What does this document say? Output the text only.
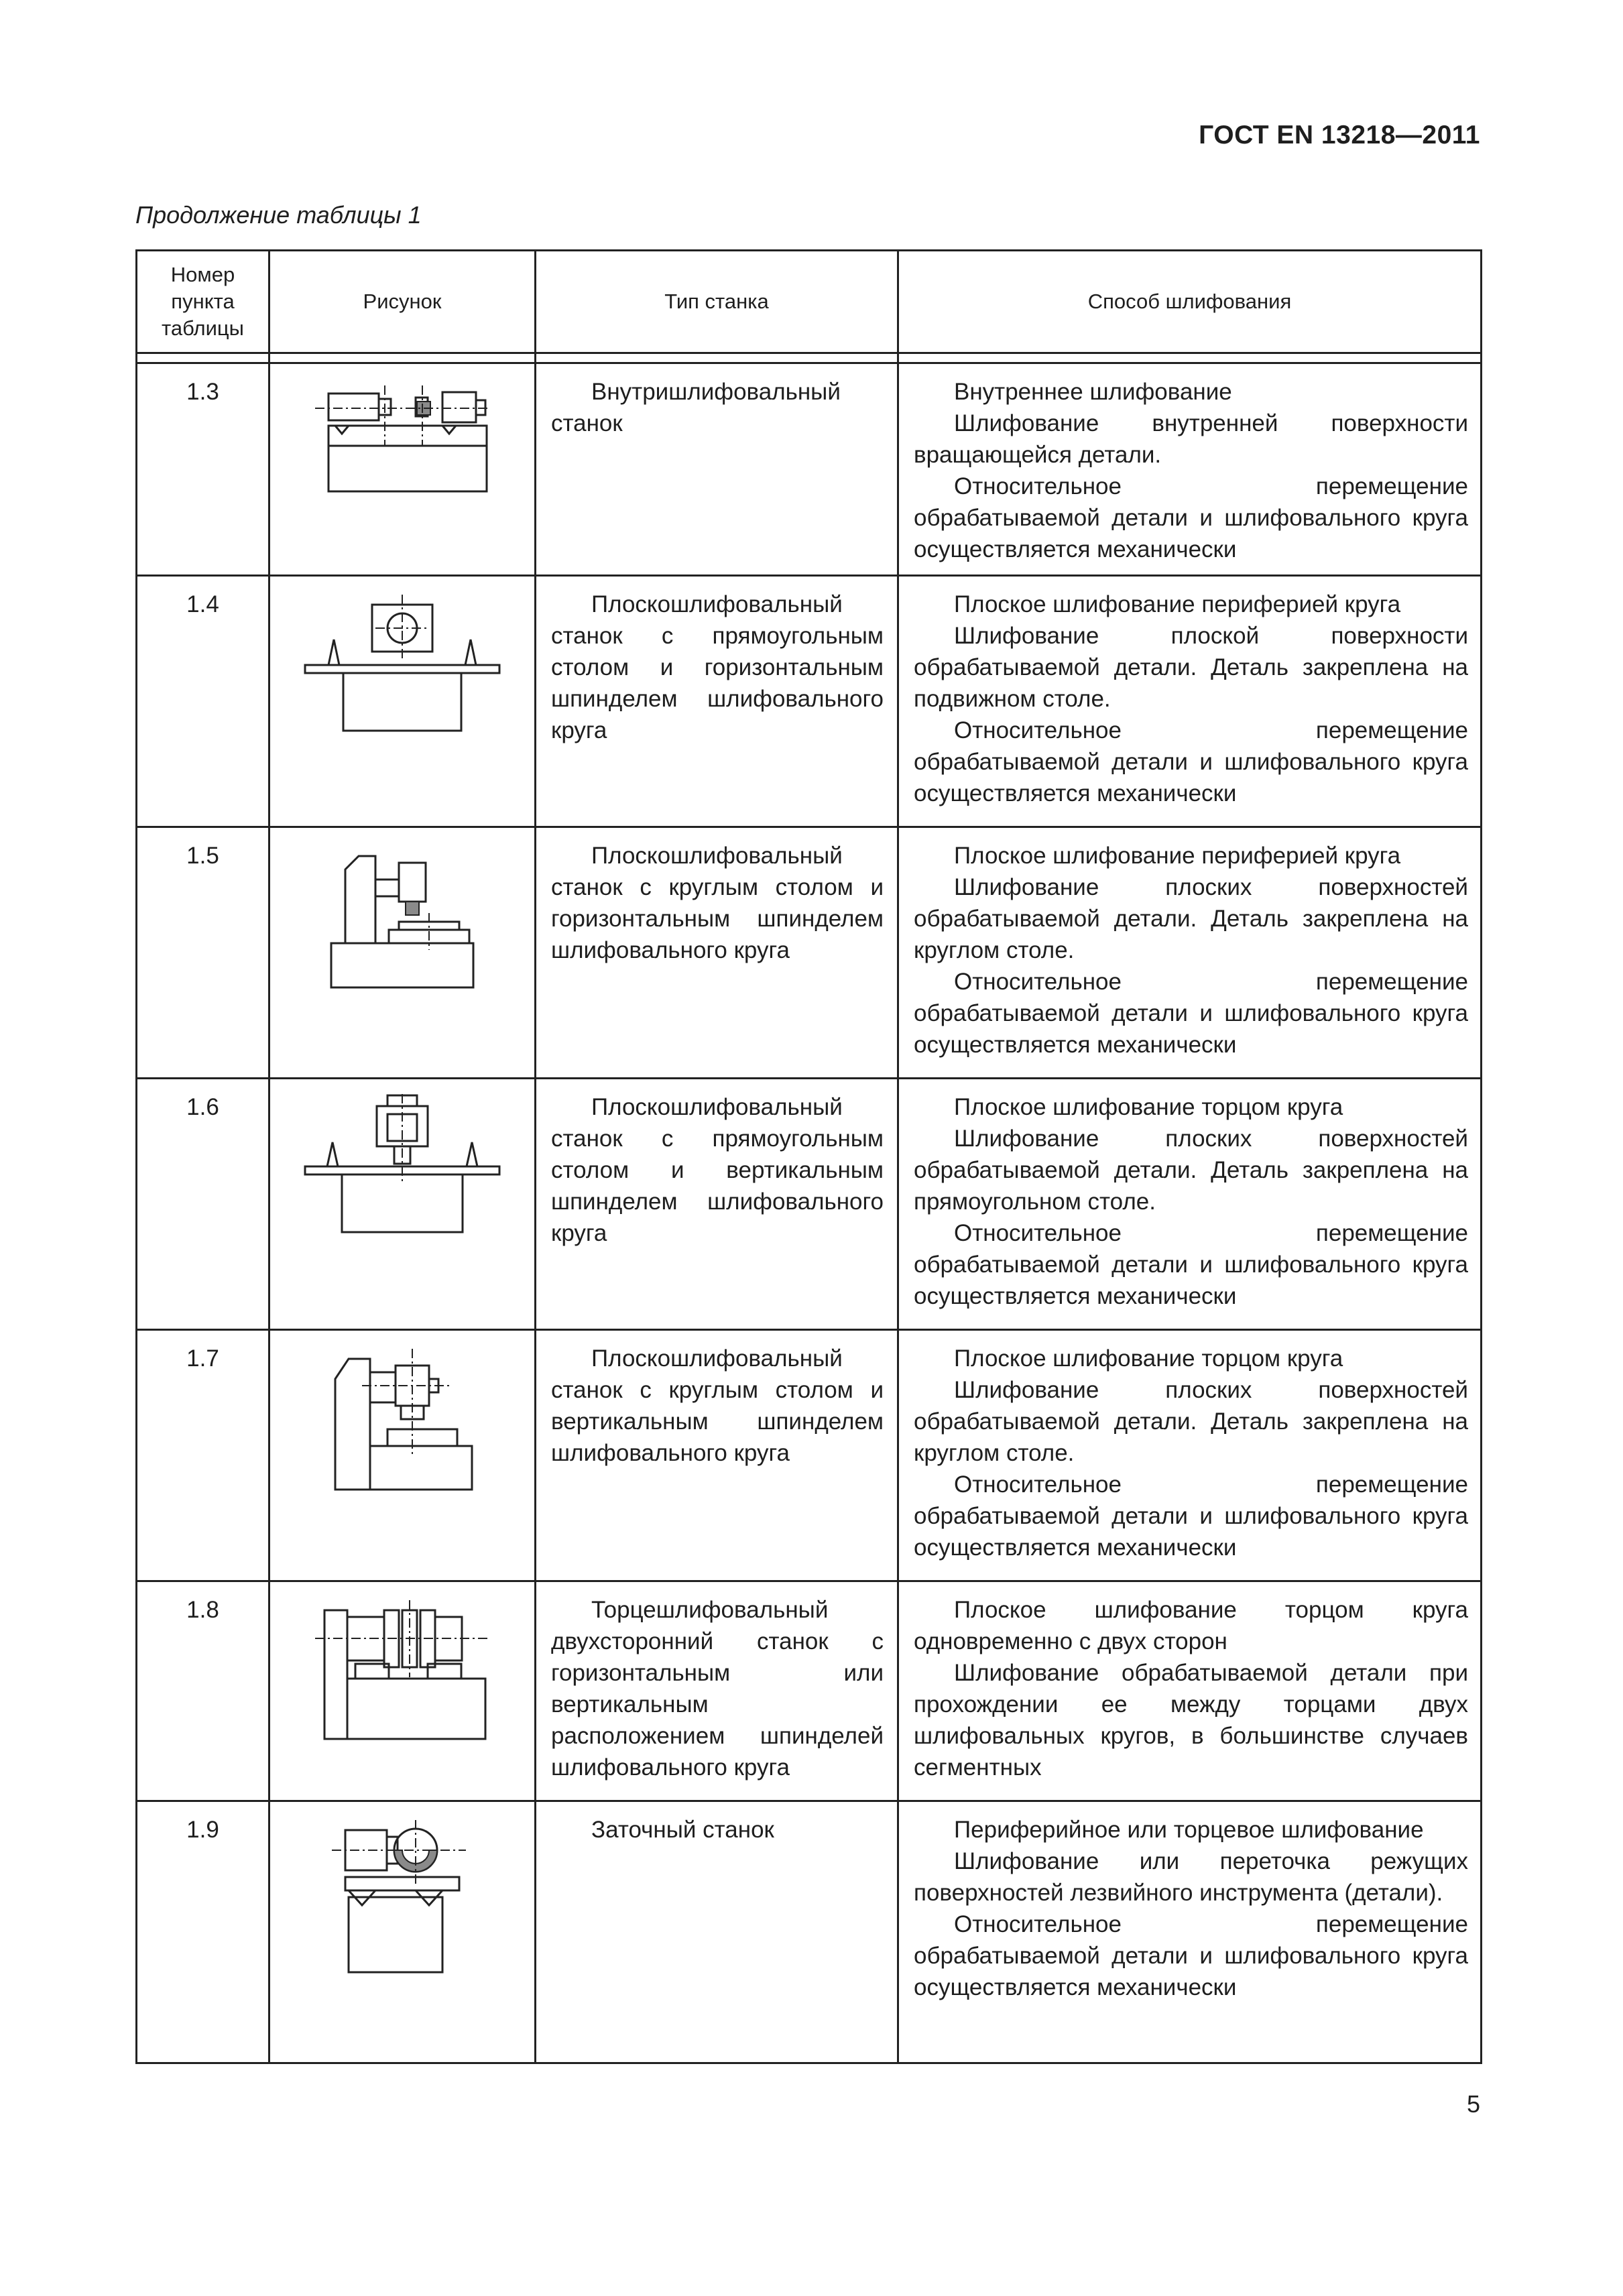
ГОСТ EN 13218—2011
Продолжение таблицы 1
Номер пункта таблицы	Рисунок	Тип станка	Способ шлифования

1.3		Внутришлифовальный станок	Внутреннее шлифование

Шлифование внутренней поверхности вращающейся детали.

Относительное перемещение обрабатываемой детали и шлифовального круга осуществляется механически

1.4		Плоскошлифовальный станок с прямоугольным столом и горизонтальным шпинделем шлифовального круга	Плоское шлифование периферией круга

Шлифование плоской поверхности обрабатываемой детали. Деталь закреплена на подвижном столе.

Относительное перемещение обрабатываемой детали и шлифовального круга осуществляется механически

1.5		Плоскошлифовальный станок с круглым столом и горизонтальным шпинделем шлифовального круга	Плоское шлифование периферией круга

Шлифование плоских поверхностей обрабатываемой детали. Деталь закреплена на круглом столе.

Относительное перемещение обрабатываемой детали и шлифовального круга осуществляется механически

1.6		Плоскошлифовальный станок с прямоугольным столом и вертикальным шпинделем шлифовального круга	Плоское шлифование торцом круга

Шлифование плоских поверхностей обрабатываемой детали. Деталь закреплена на прямоугольном столе.

Относительное перемещение обрабатываемой детали и шлифовального круга осуществляется механически

1.7		Плоскошлифовальный станок с круглым столом и вертикальным шпинделем шлифовального круга	Плоское шлифование торцом круга

Шлифование плоских поверхностей обрабатываемой детали. Деталь закреплена на круглом столе.

Относительное перемещение обрабатываемой детали и шлифовального круга осуществляется механически

1.8		Торцешлифовальный двухсторонний станок с горизонтальным или вертикальным расположением шпинделей шлифовального круга	Плоское шлифование торцом круга одновременно с двух сторон

Шлифование обрабатываемой детали при прохождении ее между торцами двух шлифовальных кругов, в большинстве случаев сегментных

1.9		Заточный станок	Периферийное или торцевое шлифование

Шлифование или переточка режущих поверхностей лезвийного инструмента (детали).

Относительное перемещение обрабатываемой детали и шлифовального круга осуществляется механически

5
